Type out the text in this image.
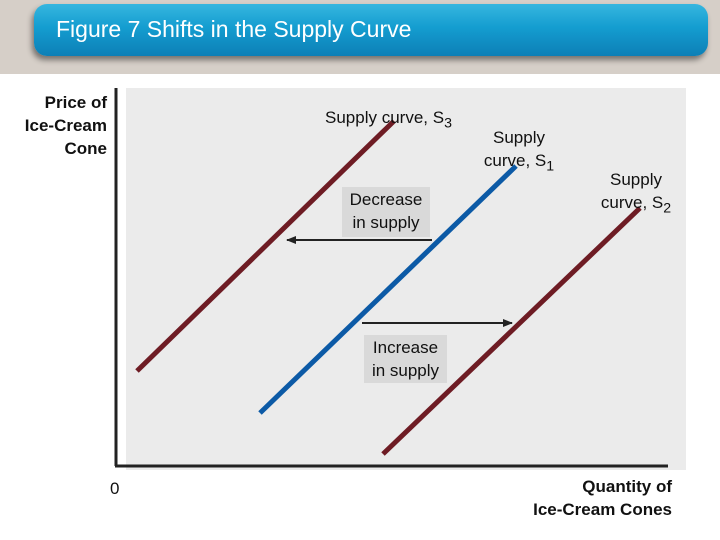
Figure 7 Shifts in the Supply Curve
Price of
Ice-Cream
Cone
Quantity of
Ice-Cream Cones
0
Supply curve, $S_3$
Supply
curve, $S_1$
Supply
curve, $S_2$
Decrease
in supply
Increase
in supply
Copyright©2003 Southwestern/Thomson Learning
